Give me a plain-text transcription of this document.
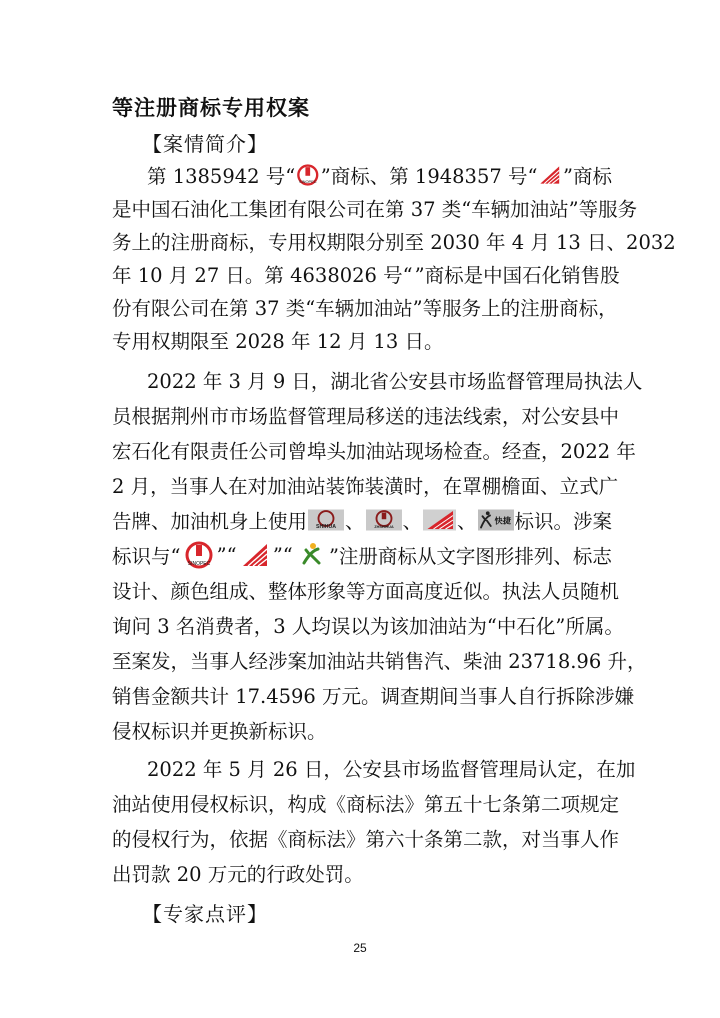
等注册商标专用权案
【案情简介】
第 1385942 号“ SINOPEC ”商标、第 1948357 号“ ”商标
是中国石油化工集团有限公司在第 37 类“车辆加油站”等服务
务上的注册商标，专用权期限分别至 2030 年 4 月 13 日、2032
年 10 月 27 日。第 4638026 号“ ”商标是中国石化销售股
份有限公司在第 37 类“车辆加油站”等服务上的注册商标，
专用权期限至 2028 年 12 月 13 日。
2022 年 3 月 9 日，湖北省公安县市场监督管理局执法人
员根据荆州市市场监督管理局移送的违法线索，对公安县中
宏石化有限责任公司曾埠头加油站现场检查。经查，2022 年
2 月，当事人在对加油站装饰装潢时，在罩棚檐面、立式广
告牌、加油机身上使用 SHIHUA 、 ZHSHIHUA 、 、 快捷 标识。涉案
标识与“ SINOPEC ”“ ”“ ”注册商标从文字图形排列、标志
设计、颜色组成、整体形象等方面高度近似。执法人员随机
询问 3 名消费者，3 人均误以为该加油站为“中石化”所属。
至案发，当事人经涉案加油站共销售汽、柴油 23718.96 升，
销售金额共计 17.4596 万元。调查期间当事人自行拆除涉嫌
侵权标识并更换新标识。
2022 年 5 月 26 日，公安县市场监督管理局认定，在加
油站使用侵权标识，构成《商标法》第五十七条第二项规定
的侵权行为，依据《商标法》第六十条第二款，对当事人作
出罚款 20 万元的行政处罚。
【专家点评】
25
